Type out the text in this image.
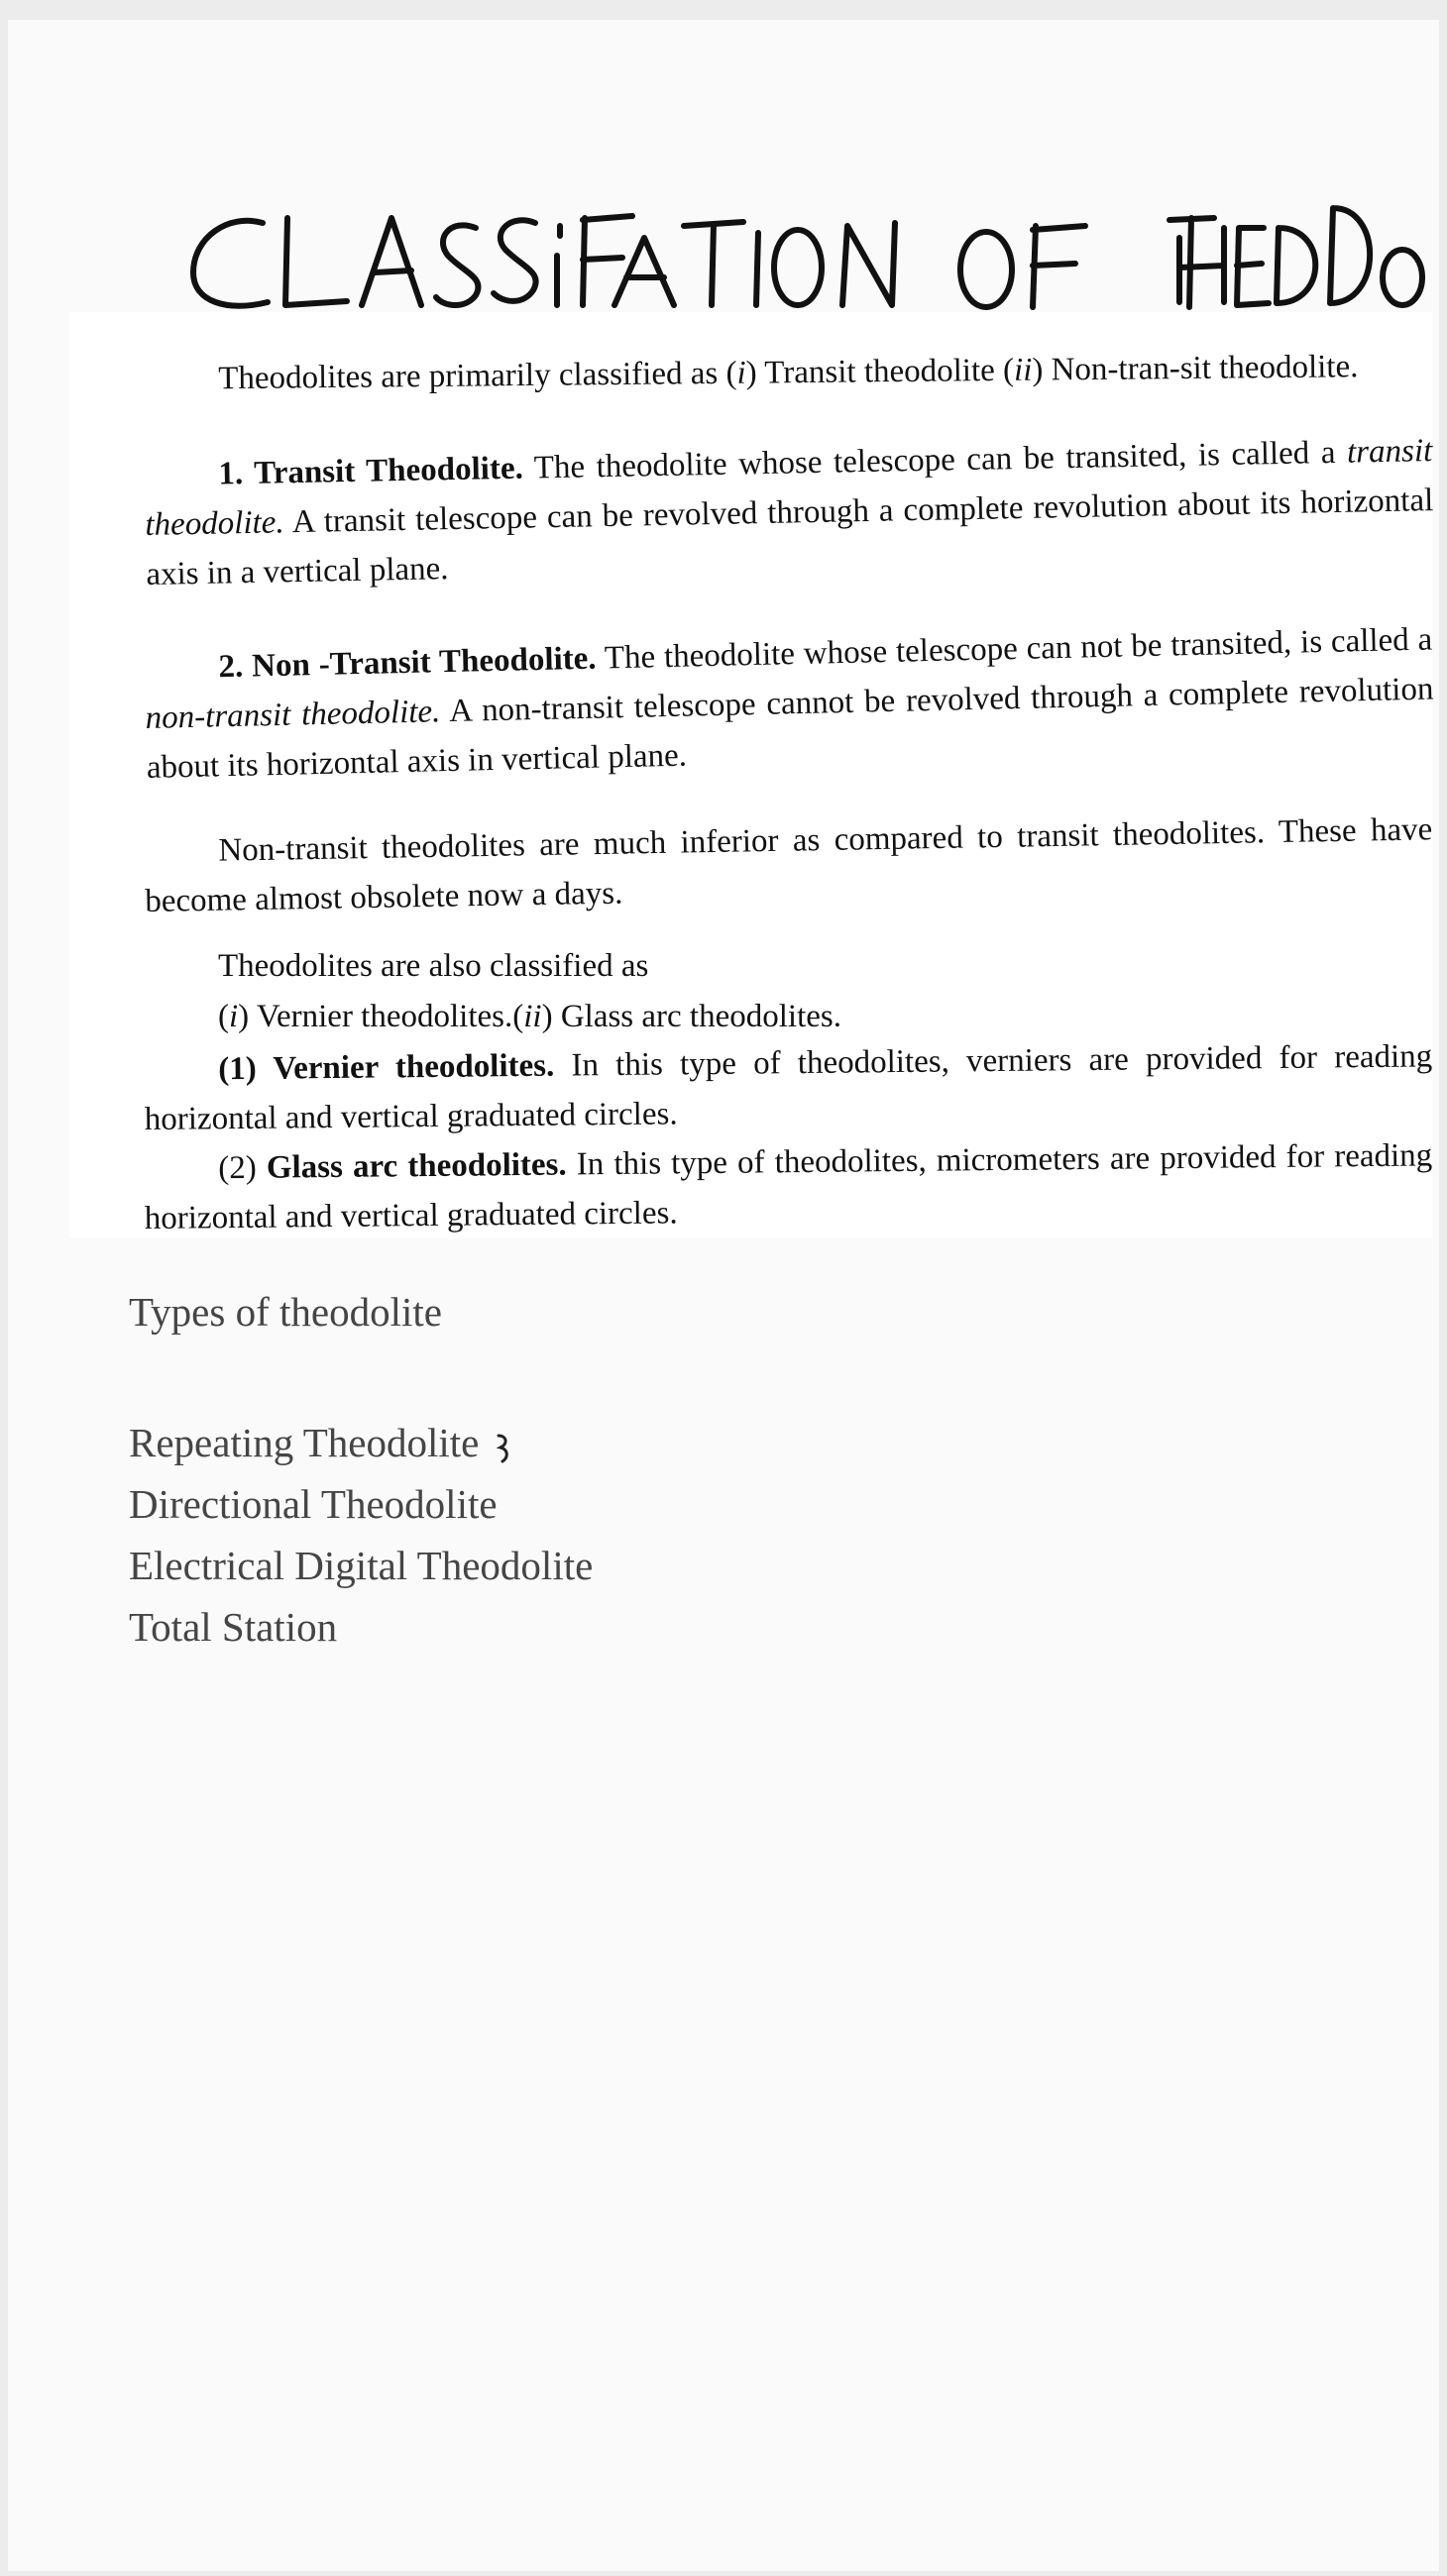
Theodolites are primarily classified as (i) Transit theodolite (ii) Non-tran-sit theodolite.

1. Transit Theodolite. The theodolite whose telescope can be transited, is called a transit theodolite. A transit telescope can be revolved through a complete revolution about its horizontal axis in a vertical plane.

2. Non -Transit Theodolite. The theodolite whose telescope can not be transited, is called a non-transit theodolite. A non-transit telescope cannot be revolved through a complete revolution about its horizontal axis in vertical plane.

Non-transit theodolites are much inferior as compared to transit theodolites. These have become almost obsolete now a days.

Theodolites are also classified as

(i) Vernier theodolites.(ii) Glass arc theodolites.

(1) Vernier theodolites. In this type of theodolites, verniers are provided for reading horizontal and vertical graduated circles.

(2) Glass arc theodolites. In this type of theodolites, micrometers are provided for reading horizontal and vertical graduated circles.

Types of theodolite
Repeating Theodolite
Directional Theodolite
Electrical Digital Theodolite
Total Station
